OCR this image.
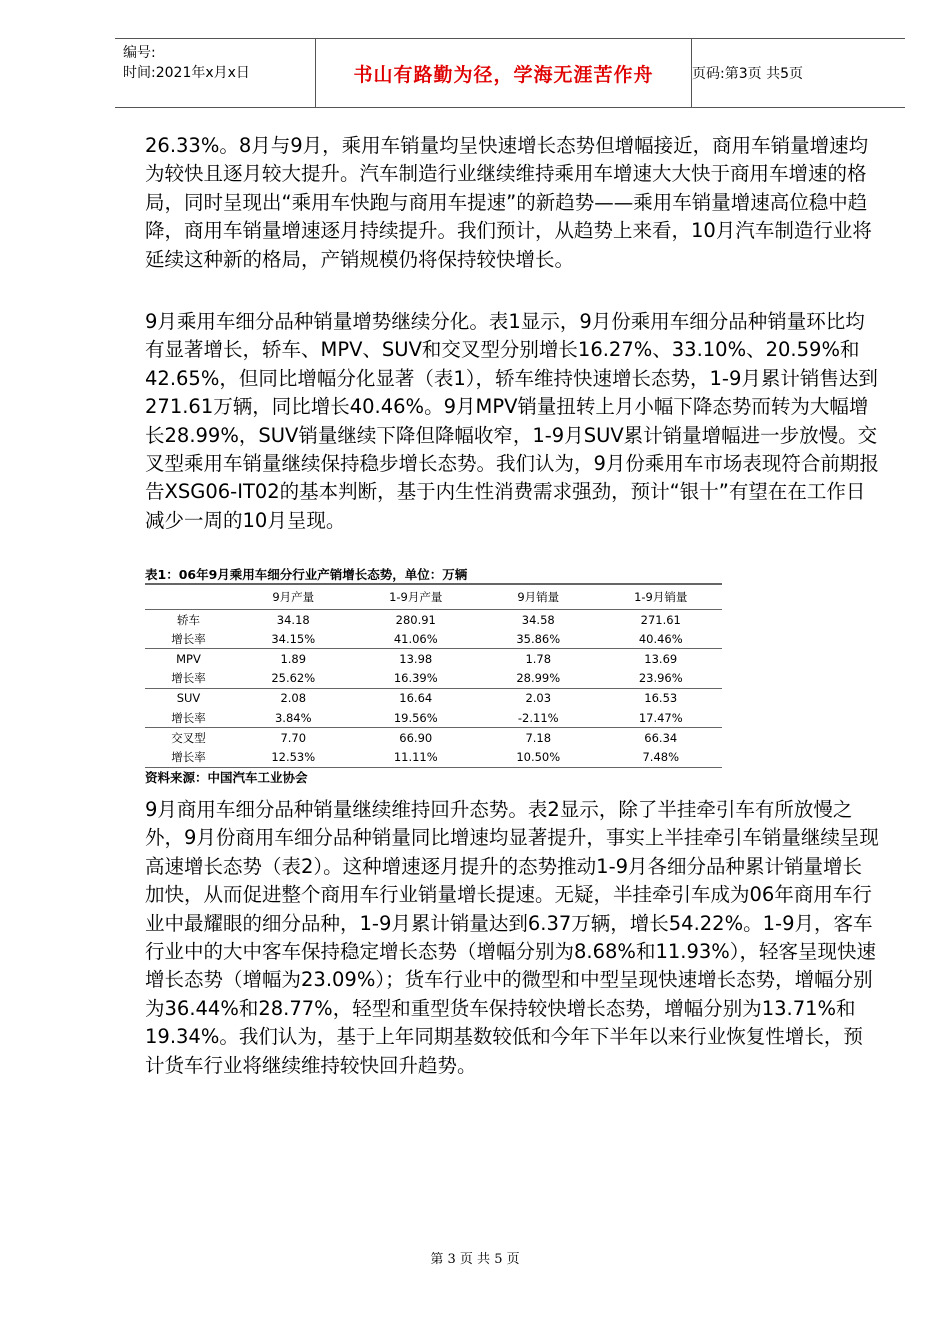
编号:
时间:2021年x月x日	书山有路勤为径，学海无涯苦作舟	页码:第3页 共5页

26.33%。8月与9月，乘用车销量均呈快速增长态势但增幅接近，商用车销量增速均为较快且逐月较大提升。汽车制造行业继续维持乘用车增速大大快于商用车增速的格局，同时呈现出“乘用车快跑与商用车提速”的新趋势——乘用车销量增速高位稳中趋降，商用车销量增速逐月持续提升。我们预计，从趋势上来看，10月汽车制造行业将延续这种新的格局，产销规模仍将保持较快增长。

9月乘用车细分品种销量增势继续分化。表1显示，9月份乘用车细分品种销量环比均有显著增长，轿车、MPV、SUV和交叉型分别增长16.27%、33.10%、20.59%和42.65%，但同比增幅分化显著（表1），轿车维持快速增长态势，1-9月累计销售达到271.61万辆，同比增长40.46%。9月MPV销量扭转上月小幅下降态势而转为大幅增长28.99%，SUV销量继续下降但降幅收窄，1-9月SUV累计销量增幅进一步放慢。交叉型乘用车销量继续保持稳步增长态势。我们认为，9月份乘用车市场表现符合前期报告XSG06-IT02的基本判断，基于内生性消费需求强劲，预计“银十”有望在在工作日减少一周的10月呈现。

表1：06年9月乘用车细分行业产销增长态势，单位：万辆
	9月产量	1-9月产量	9月销量	1-9月销量
轿车	34.18	280.91	34.58	271.61
增长率	34.15%	41.06%	35.86%	40.46%
MPV	1.89	13.98	1.78	13.69
增长率	25.62%	16.39%	28.99%	23.96%
SUV	2.08	16.64	2.03	16.53
增长率	3.84%	19.56%	-2.11%	17.47%
交叉型	7.70	66.90	7.18	66.34
增长率	12.53%	11.11%	10.50%	7.48%
资料来源：中国汽车工业协会

9月商用车细分品种销量继续维持回升态势。表2显示，除了半挂牵引车有所放慢之外，9月份商用车细分品种销量同比增速均显著提升，事实上半挂牵引车销量继续呈现高速增长态势（表2）。这种增速逐月提升的态势推动1-9月各细分品种累计销量增长加快，从而促进整个商用车行业销量增长提速。无疑，半挂牵引车成为06年商用车行业中最耀眼的细分品种，1-9月累计销量达到6.37万辆，增长54.22%。1-9月，客车行业中的大中客车保持稳定增长态势（增幅分别为8.68%和11.93%），轻客呈现快速增长态势（增幅为23.09%）；货车行业中的微型和中型呈现快速增长态势，增幅分别为36.44%和28.77%，轻型和重型货车保持较快增长态势，增幅分别为13.71%和19.34%。我们认为，基于上年同期基数较低和今年下半年以来行业恢复性增长，预计货车行业将继续维持较快回升趋势。

第 3 页 共 5 页
